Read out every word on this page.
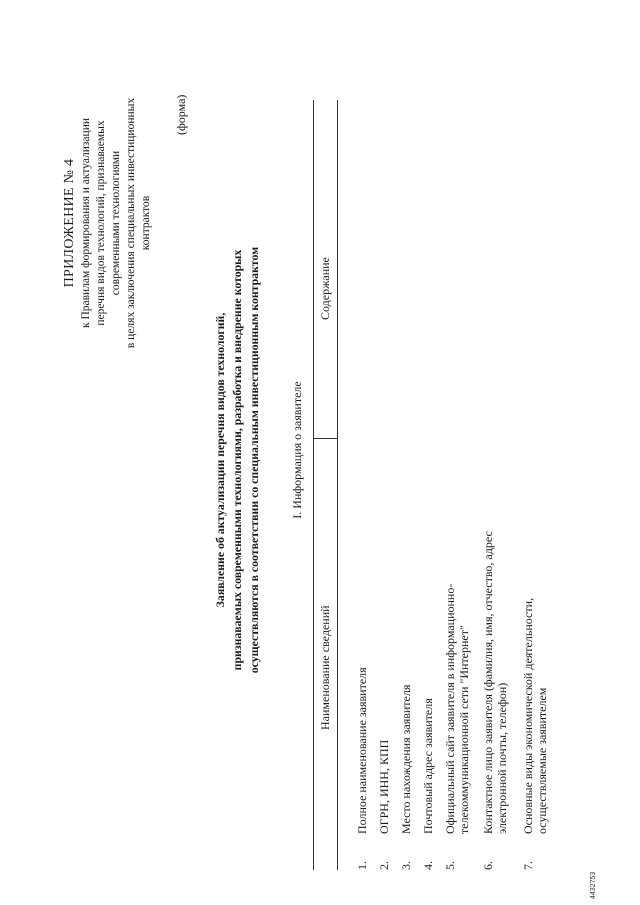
ПРИЛОЖЕНИЕ № 4 к Правилам формирования и актуализации перечня видов технологий, признаваемых современными технологиями в целях заключения специальных инвестиционных контрактов
(форма)
Заявление об актуализации перечня видов технологий, признаваемых современными технологиями, разработка и внедрение которых осуществляются в соответствии со специальным инвестиционным контрактом I. Информация о заявителе
Наименование сведений
Содержание
1.
Полное наименование заявителя
2.
ОГРН, ИНН, КПП
3.
Место нахождения заявителя
4.
Почтовый адрес заявителя
5.
Официальный сайт заявителя в информационно- телекоммуникационной сети "Интернет"
6.
Контактное лицо заявителя (фамилия, имя, отчество, адрес электронной почты, телефон)
7.
Основные виды экономической деятельности, осуществляемые заявителем
4432753
